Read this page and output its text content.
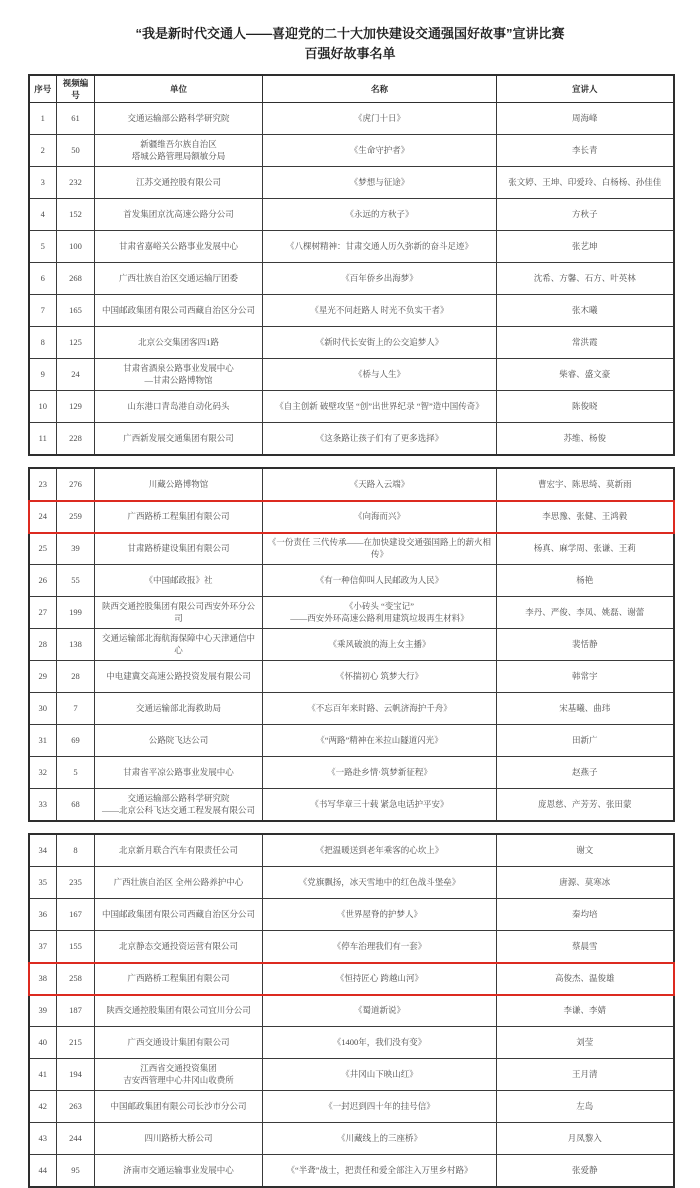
“我是新时代交通人——喜迎党的二十大加快建设交通强国好故事”宣讲比赛
百强好故事名单
序号	视频编号	单位	名称	宣讲人
1	61	交通运输部公路科学研究院	《虎门十日》	周海峰
2	50	新疆维吾尔族自治区
塔城公路管理局额敏分局	《生命守护者》	李长青
3	232	江苏交通控股有限公司	《梦想与征途》	张文婷、王坤、印爱玲、白杨杨、孙佳佳
4	152	首发集团京沈高速公路分公司	《永远的方秋子》	方秋子
5	100	甘肃省嘉峪关公路事业发展中心	《八棵树精神：甘肃交通人历久弥新的奋斗足迹》	张艺坤
6	268	广西壮族自治区交通运输厅团委	《百年侨乡出海梦》	沈希、方馨、石方、叶英林
7	165	中国邮政集团有限公司西藏自治区分公司	《星光不问赶路人 时光不负实干者》	张木曦
8	125	北京公交集团客四1路	《新时代长安街上的公交追梦人》	常洪霞
9	24	甘肃省酒泉公路事业发展中心
—甘肃公路博物馆	《桥与人生》	柴睿、盛文豪
10	129	山东港口青岛港自动化码头	《自主创新 破壁攻坚 “创”出世界纪录 “智”造中国传奇》	陈俊晓
11	228	广西新发展交通集团有限公司	《这条路让孩子们有了更多选择》	苏维、杨俊
23	276	川藏公路博物馆	《天路入云端》	曹宏宇、陈思绮、莫新雨
24	259	广西路桥工程集团有限公司	《向海而兴》	李思豫、张健、王鸿毅
25	39	甘肃路桥建设集团有限公司	《一份责任 三代传承——在加快建设交通强国路上的薪火相传》	杨真、麻学周、张谦、王莉
26	55	《中国邮政报》社	《有一种信仰叫人民邮政为人民》	杨艳
27	199	陕西交通控股集团有限公司西安外环分公司	《小砖头 “变宝记”
——西安外环高速公路利用建筑垃圾再生材料》	李丹、严俊、李凤、姚磊、谢蕾
28	138	交通运输部北海航海保障中心天津通信中心	《乘风破浪的海上女主播》	裴恬静
29	28	中电建冀交高速公路投资发展有限公司	《怀揣初心 筑梦大行》	韩常宇
30	7	交通运输部北海救助局	《不忘百年来时路、云帆济海护千舟》	宋基曦、曲玮
31	69	公路院飞达公司	《“两路”精神在米拉山隧道闪光》	田新广
32	5	甘肃省平凉公路事业发展中心	《一路赴乡情·筑梦新征程》	赵燕子
33	68	交通运输部公路科学研究院
——北京公科飞达交通工程发展有限公司	《书写华章三十载 紧急电话护平安》	庞恩慈、产芳芳、张田蒙
34	8	北京新月联合汽车有限责任公司	《把温暖送到老年乘客的心坎上》	谢文
35	235	广西壮族自治区 全州公路养护中心	《党旗飘扬，冰天雪地中的红色战斗堡垒》	唐源、莫寒冰
36	167	中国邮政集团有限公司西藏自治区分公司	《世界屋脊的护梦人》	秦均培
37	155	北京静态交通投资运营有限公司	《停车治理我们有一套》	蔡晨雪
38	258	广西路桥工程集团有限公司	《恒持匠心 跨越山河》	高俊杰、温俊雄
39	187	陕西交通控股集团有限公司宜川分公司	《蜀道新说》	李谦、李婧
40	215	广西交通设计集团有限公司	《1400年，我们没有变》	刘莹
41	194	江西省交通投资集团
吉安西管理中心井冈山收费所	《井冈山下映山红》	王月清
42	263	中国邮政集团有限公司长沙市分公司	《一封迟到四十年的挂号信》	左岛
43	244	四川路桥大桥公司	《川藏线上的三座桥》	月凤黎入
44	95	济南市交通运输事业发展中心	《“半聋”战士，把责任和爱全部注入万里乡村路》	张爱静
